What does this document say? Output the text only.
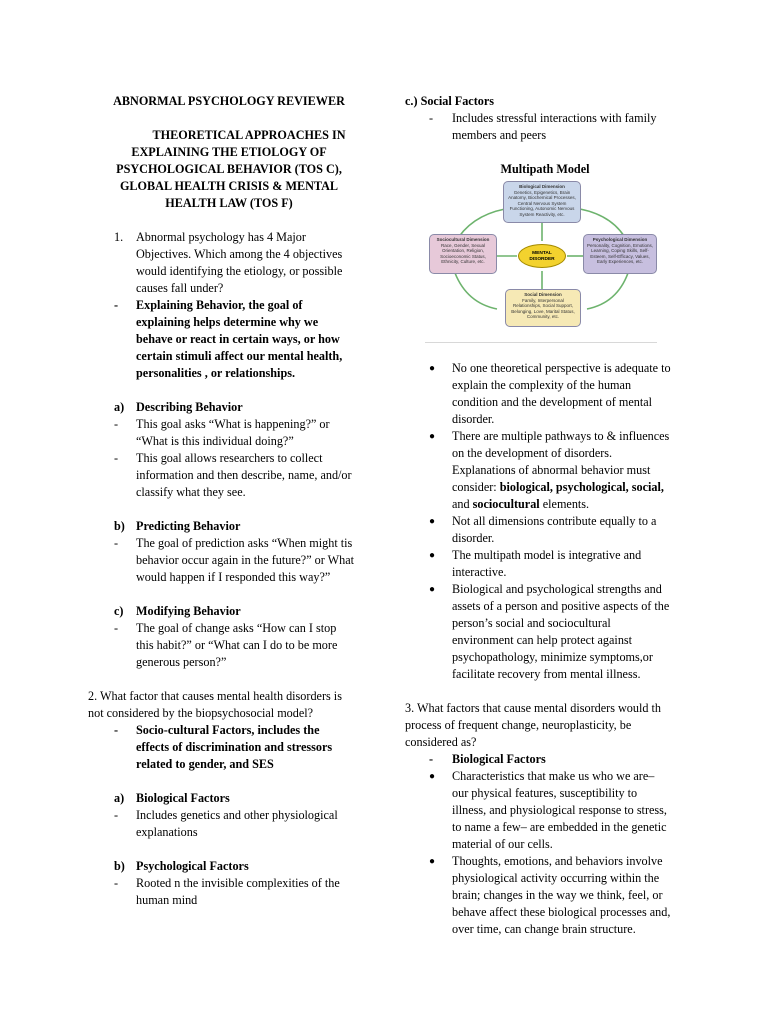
ABNORMAL PSYCHOLOGY REVIEWER

THEORETICAL APPROACHES IN
EXPLAINING THE ETIOLOGY OF
PSYCHOLOGICAL BEHAVIOR (TOS C),
GLOBAL HEALTH CRISIS & MENTAL
HEALTH LAW (TOS F)
1. Abnormal psychology has 4 Major
Objectives. Which among the 4 objectives
would identifying the etiology, or possible
causes fall under?
- Explaining Behavior, the goal of
explaining helps determine why we
behave or react in certain ways, or how
certain stimuli affect our mental health,
personalities , or relationships.
a) Describing Behavior
- This goal asks “What is happening?” or
“What is this individual doing?”
- This goal allows researchers to collect
information and then describe, name, and/or
classify what they see.
b) Predicting Behavior
- The goal of prediction asks “When might tis
behavior occur again in the future?” or What
would happen if I responded this way?”
c) Modifying Behavior
- The goal of change asks “How can I stop
this habit?” or “What can I do to be more
generous person?”
2. What factor that causes mental health disorders is
not considered by the biopsychosocial model?
- Socio-cultural Factors, includes the
effects of discrimination and stressors
related to gender, and SES
a) Biological Factors
- Includes genetics and other physiological
explanations
b) Psychological Factors
- Rooted n the invisible complexities of the
human mind
c.) Social Factors
- Includes stressful interactions with family
members and peers
Multipath Model
Biological Dimension
Genetics, Epigenetics, Brain Anatomy, Biochemical Processes, Central Nervous System Functioning, Autonomic Nervous System Reactivity, etc.
Sociocultural Dimension
Race, Gender, Sexual Orientation, Religion, Socioeconomic Status, Ethnicity, Culture, etc.
MENTAL DISORDER
Psychological Dimension
Personality, Cognition, Emotions, Learning, Coping Skills, Self-Esteem, Self-Efficacy, Values, Early Experiences, etc.
Social Dimension
Family, Interpersonal Relationships, Social Support, Belonging, Love, Marital Status, Community, etc.
● No one theoretical perspective is adequate to
explain the complexity of the human
condition and the development of mental
disorder.
● There are multiple pathways to & influences
on the development of disorders.
Explanations of abnormal behavior must
consider: biological, psychological, social,
and sociocultural elements.
● Not all dimensions contribute equally to a
disorder.
● The multipath model is integrative and
interactive.
● Biological and psychological strengths and
assets of a person and positive aspects of the
person’s social and sociocultural
environment can help protect against
psychopathology, minimize symptoms,or
facilitate recovery from mental illness.
3. What factors that cause mental disorders would th
process of frequent change, neuroplasticity, be
considered as?
- Biological Factors
● Characteristics that make us who we are–
our physical features, susceptibility to
illness, and physiological response to stress,
to name a few– are embedded in the genetic
material of our cells.
● Thoughts, emotions, and behaviors involve
physiological activity occurring within the
brain; changes in the way we think, feel, or
behave affect these biological processes and,
over time, can change brain structure.
